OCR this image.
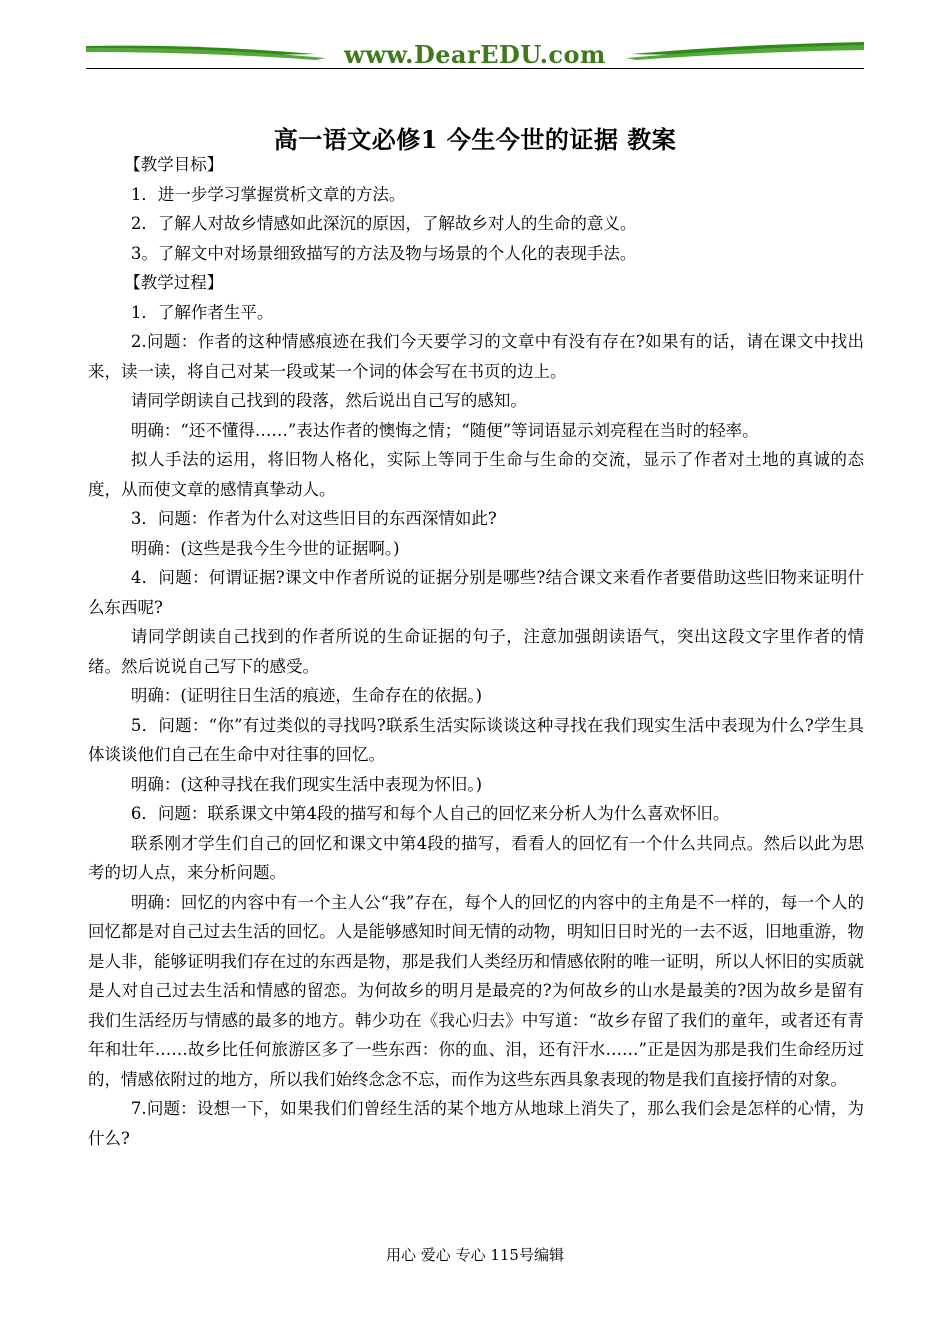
www.DearEDU.com
高一语文必修1 今生今世的证据 教案

【教学目标】

1．进一步学习掌握赏析文章的方法。

2．了解人对故乡情感如此深沉的原因，了解故乡对人的生命的意义。

3。了解文中对场景细致描写的方法及物与场景的个人化的表现手法。

【教学过程】

1．了解作者生平。

2.问题：作者的这种情感痕迹在我们今天要学习的文章中有没有存在?如果有的话，请在课文中找出来，读一读，将自己对某一段或某一个词的体会写在书页的边上。

请同学朗读自己找到的段落，然后说出自己写的感知。

明确：“还不懂得……”表达作者的懊悔之情；“随便”等词语显示刘亮程在当时的轻率。

拟人手法的运用，将旧物人格化，实际上等同于生命与生命的交流，显示了作者对土地的真诚的态度，从而使文章的感情真挚动人。

3．问题：作者为什么对这些旧目的东西深情如此?

明确：(这些是我今生今世的证据啊。)

4．问题：何谓证据?课文中作者所说的证据分别是哪些?结合课文来看作者要借助这些旧物来证明什么东西呢?

请同学朗读自己找到的作者所说的生命证据的句子，注意加强朗读语气，突出这段文字里作者的情绪。然后说说自己写下的感受。

明确：(证明往日生活的痕迹，生命存在的依据。)

5．问题：“你”有过类似的寻找吗?联系生活实际谈谈这种寻找在我们现实生活中表现为什么?学生具体谈谈他们自己在生命中对往事的回忆。

明确：(这种寻找在我们现实生活中表现为怀旧。)

6．问题：联系课文中第4段的描写和每个人自己的回忆来分析人为什么喜欢怀旧。

联系刚才学生们自己的回忆和课文中第4段的描写，看看人的回忆有一个什么共同点。然后以此为思考的切人点，来分析问题。

明确：回忆的内容中有一个主人公“我”存在，每个人的回忆的内容中的主角是不一样的，每一个人的回忆都是对自己过去生活的回忆。人是能够感知时间无情的动物，明知旧日时光的一去不返，旧地重游，物是人非，能够证明我们存在过的东西是物，那是我们人类经历和情感依附的唯一证明，所以人怀旧的实质就是人对自己过去生活和情感的留恋。为何故乡的明月是最亮的?为何故乡的山水是最美的?因为故乡是留有我们生活经历与情感的最多的地方。韩少功在《我心归去》中写道：“故乡存留了我们的童年，或者还有青年和壮年……故乡比任何旅游区多了一些东西：你的血、泪，还有汗水……”正是因为那是我们生命经历过的，情感依附过的地方，所以我们始终念念不忘，而作为这些东西具象表现的物是我们直接抒情的对象。

7.问题：设想一下，如果我们们曾经生活的某个地方从地球上消失了，那么我们会是怎样的心情，为什么?

用心 爱心 专心 115号编辑
